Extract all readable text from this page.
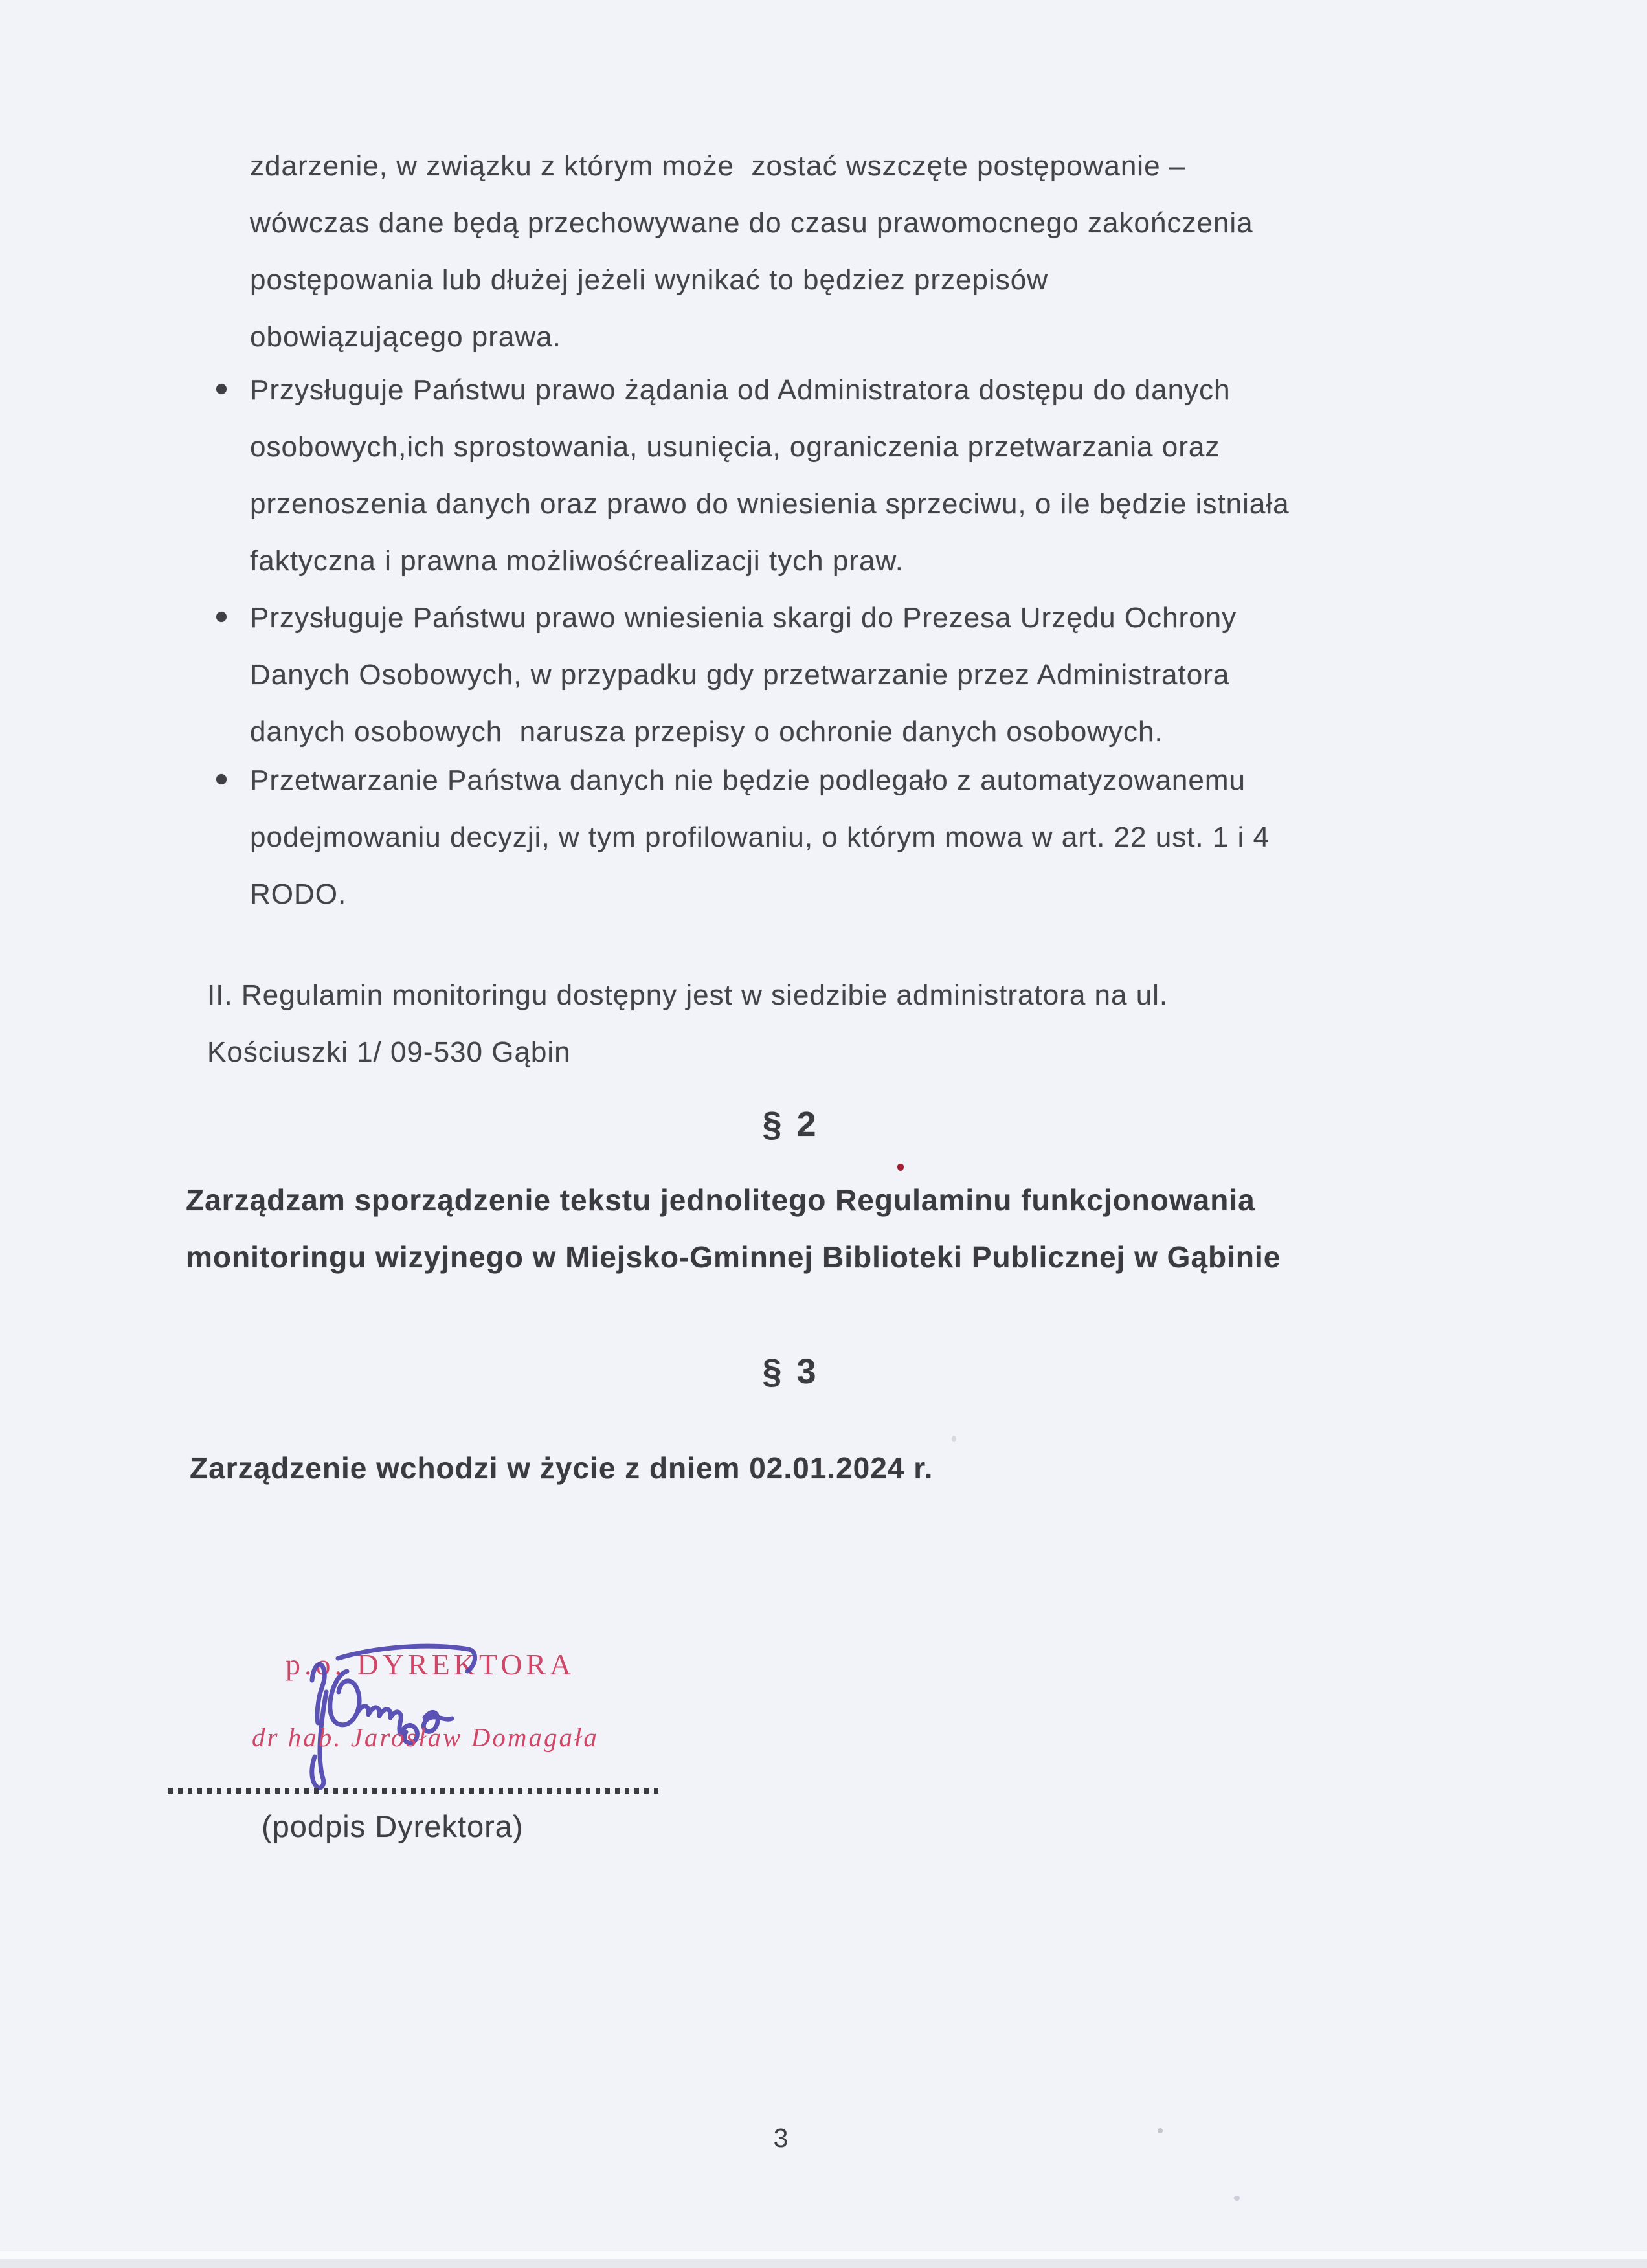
zdarzenie, w związku z którym może  zostać wszczęte postępowanie –
wówczas dane będą przechowywane do czasu prawomocnego zakończenia
postępowania lub dłużej jeżeli wynikać to będziez przepisów
obowiązującego prawa.
Przysługuje Państwu prawo żądania od Administratora dostępu do danych
osobowych,ich sprostowania, usunięcia, ograniczenia przetwarzania oraz
przenoszenia danych oraz prawo do wniesienia sprzeciwu, o ile będzie istniała
faktyczna i prawna możliwośćrealizacji tych praw.
Przysługuje Państwu prawo wniesienia skargi do Prezesa Urzędu Ochrony
Danych Osobowych, w przypadku gdy przetwarzanie przez Administratora
danych osobowych  narusza przepisy o ochronie danych osobowych.
Przetwarzanie Państwa danych nie będzie podlegało z automatyzowanemu
podejmowaniu decyzji, w tym profilowaniu, o którym mowa w art. 22 ust. 1 i 4
RODO.
II. Regulamin monitoringu dostępny jest w siedzibie administratora na ul.
Kościuszki 1/ 09-530 Gąbin
§ 2
Zarządzam sporządzenie tekstu jednolitego Regulaminu funkcjonowania
monitoringu wizyjnego w Miejsko-Gminnej Biblioteki Publicznej w Gąbinie
§ 3
Zarządzenie wchodzi w życie z dniem 02.01.2024 r.
p.o. DYREKTORA
dr hab. Jarosław Domagała
(podpis Dyrektora)
3
